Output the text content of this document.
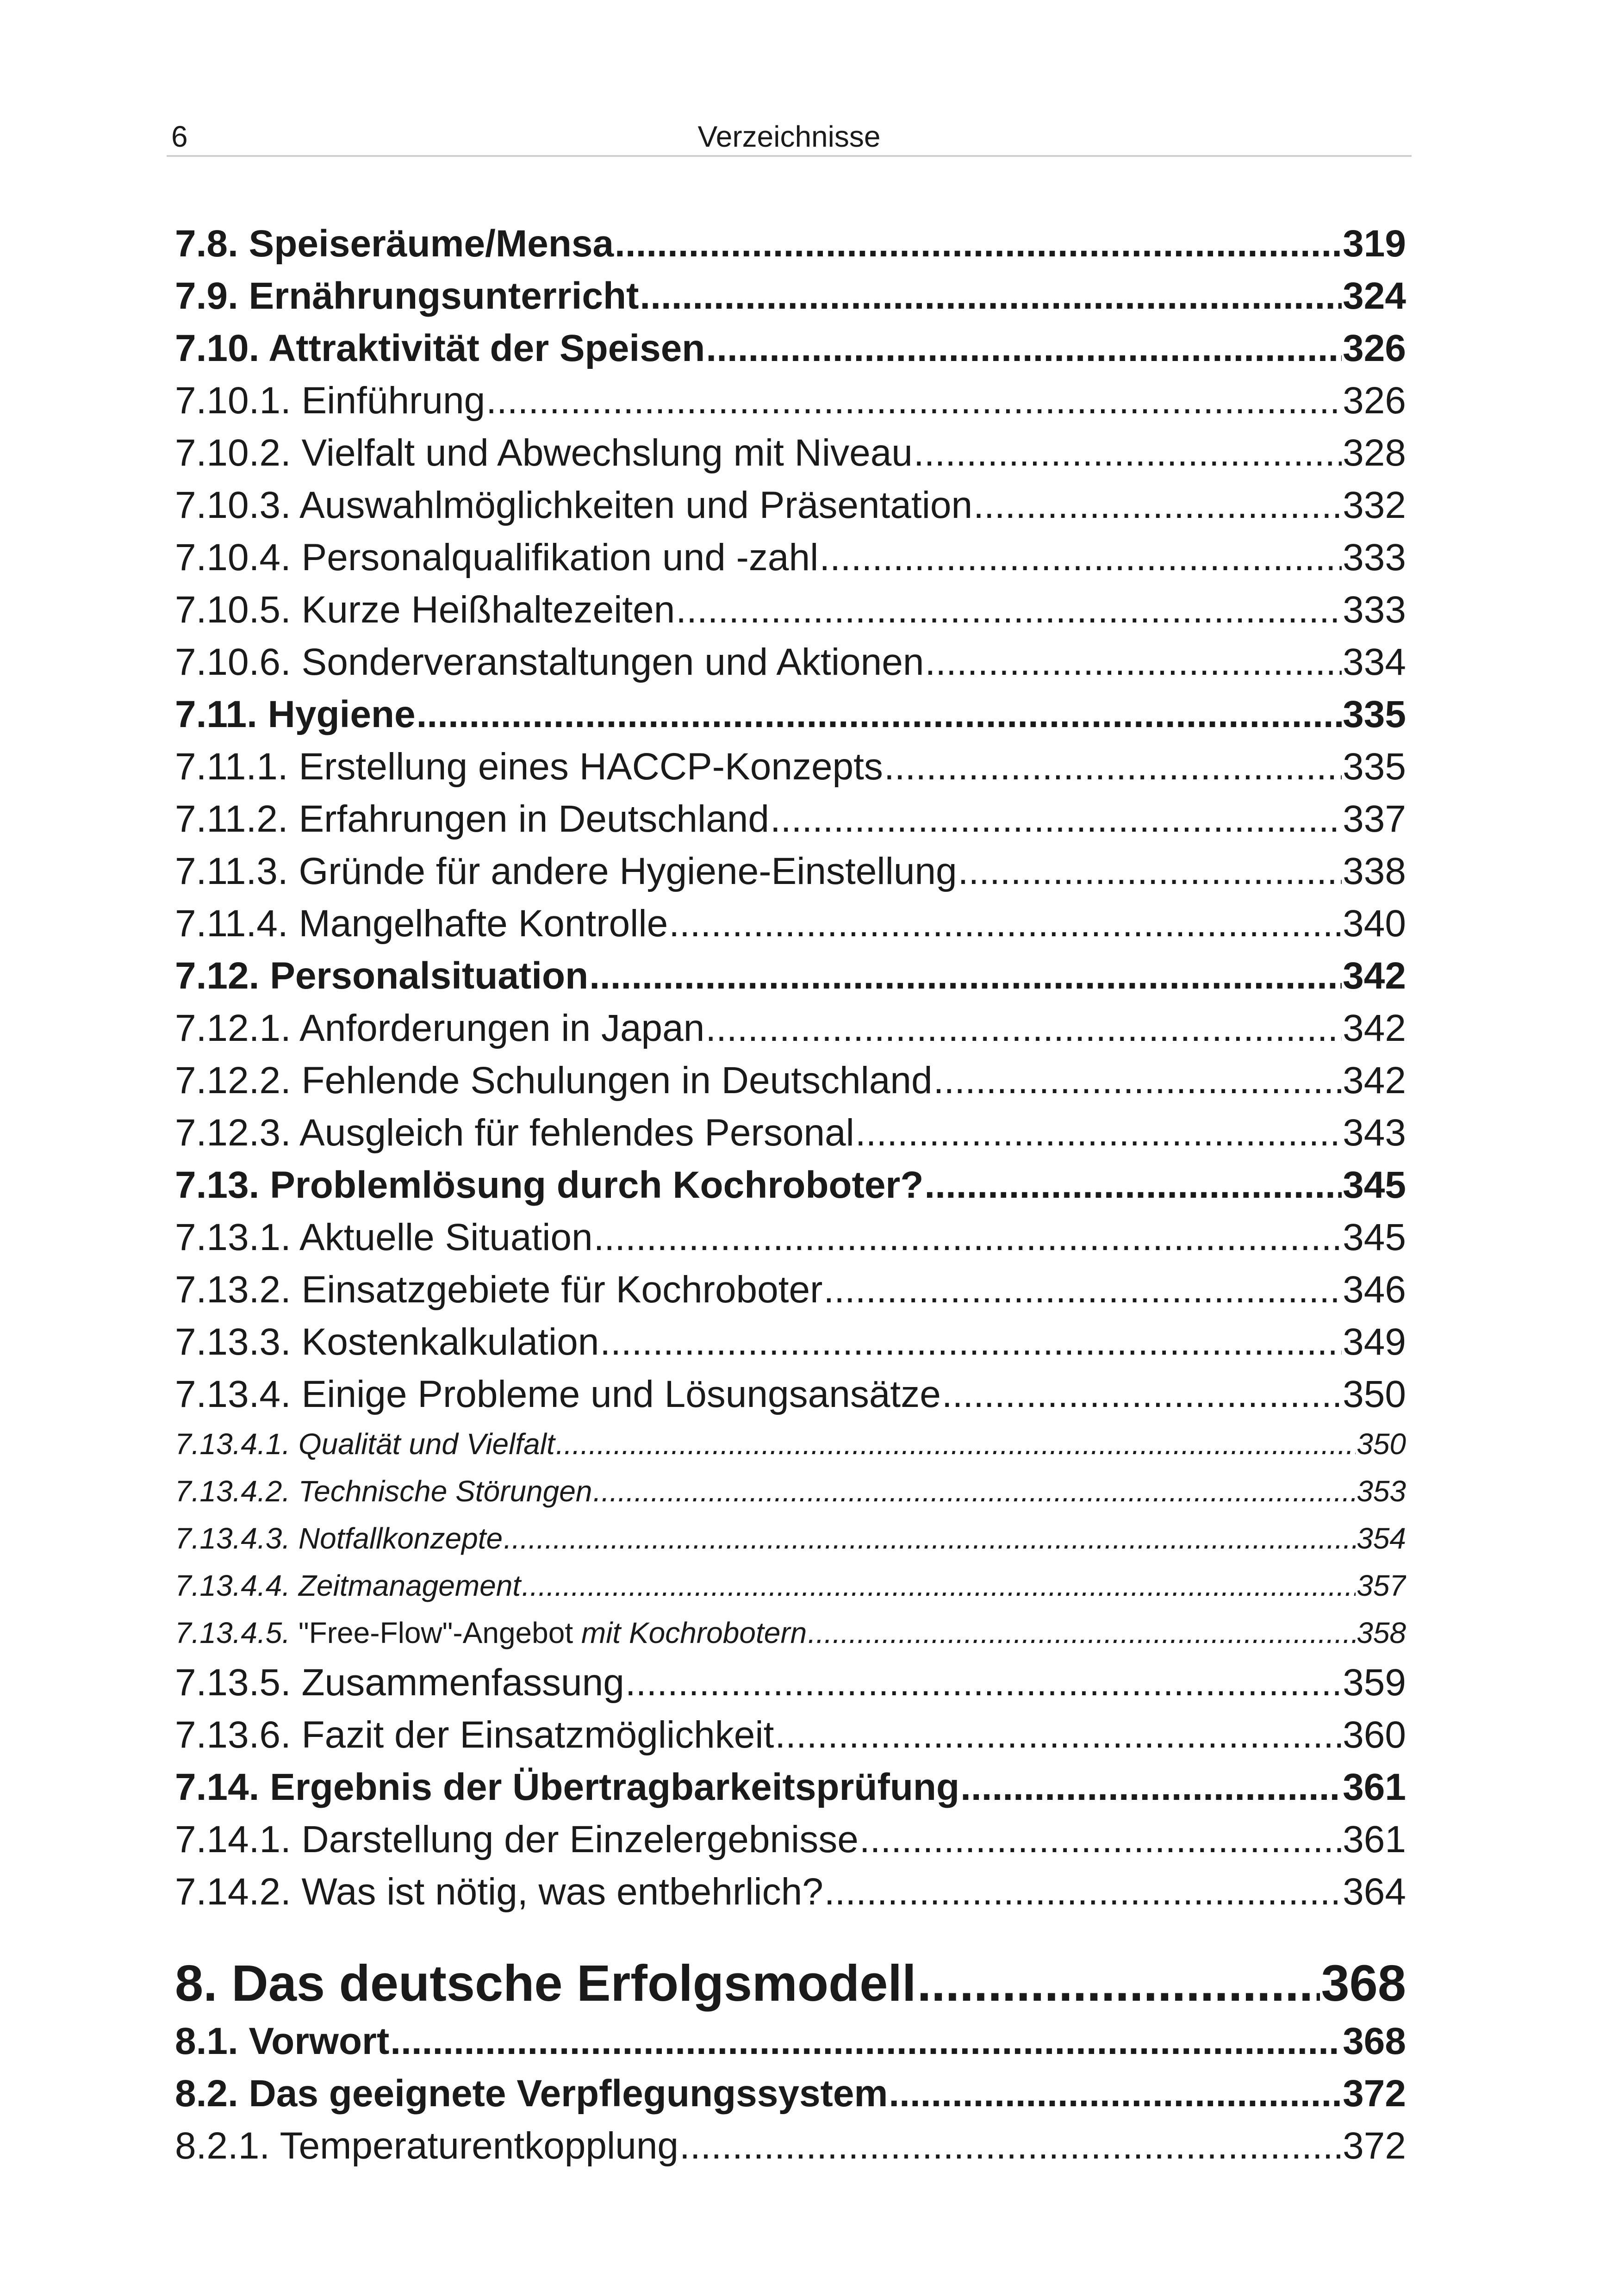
6	Verzeichnisse
7.8. Speiseräume/Mensa .....	319
7.9. Ernährungsunterricht .....	324
7.10. Attraktivität der Speisen .....	326
7.10.1. Einführung .....	326
7.10.2. Vielfalt und Abwechslung mit Niveau .....	328
7.10.3. Auswahlmöglichkeiten und Präsentation .....	332
7.10.4. Personalqualifikation und -zahl .....	333
7.10.5. Kurze Heißhaltezeiten .....	333
7.10.6. Sonderveranstaltungen und Aktionen .....	334
7.11. Hygiene .....	335
7.11.1. Erstellung eines HACCP-Konzepts .....	335
7.11.2. Erfahrungen in Deutschland .....	337
7.11.3. Gründe für andere Hygiene-Einstellung .....	338
7.11.4. Mangelhafte Kontrolle .....	340
7.12. Personalsituation .....	342
7.12.1. Anforderungen in Japan .....	342
7.12.2. Fehlende Schulungen in Deutschland .....	342
7.12.3. Ausgleich für fehlendes Personal .....	343
7.13. Problemlösung durch Kochroboter? .....	345
7.13.1. Aktuelle Situation .....	345
7.13.2. Einsatzgebiete für Kochroboter .....	346
7.13.3. Kostenkalkulation .....	349
7.13.4. Einige Probleme und Lösungsansätze .....	350
7.13.4.1. Qualität und Vielfalt .....	350
7.13.4.2. Technische Störungen .....	353
7.13.4.3. Notfallkonzepte .....	354
7.13.4.4. Zeitmanagement .....	357
7.13.4.5. "Free-Flow"-Angebot mit Kochrobotern .....	358
7.13.5. Zusammenfassung .....	359
7.13.6. Fazit der Einsatzmöglichkeit .....	360
7.14. Ergebnis der Übertragbarkeitsprüfung .....	361
7.14.1. Darstellung der Einzelergebnisse .....	361
7.14.2. Was ist nötig, was entbehrlich? .....	364
8. Das deutsche Erfolgsmodell .....	368
8.1. Vorwort .....	368
8.2. Das geeignete Verpflegungssystem .....	372
8.2.1. Temperaturentkopplung .....	372
